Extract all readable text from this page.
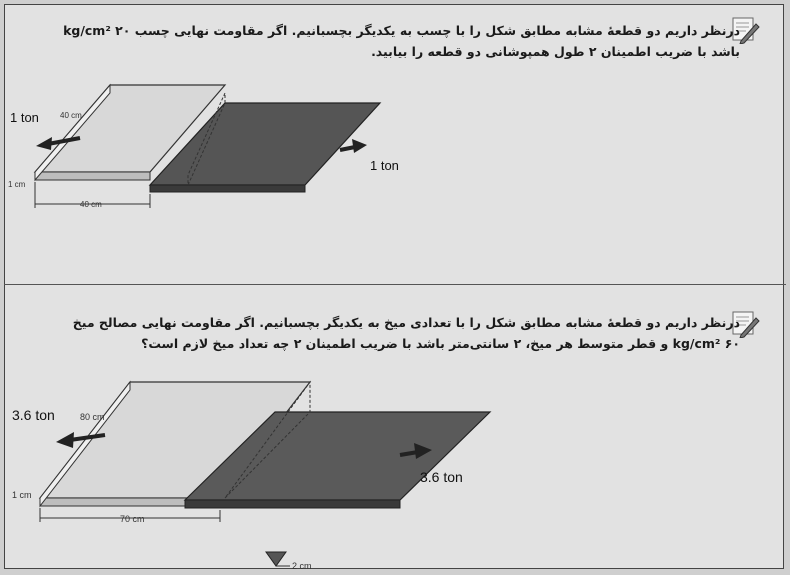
درنظر داریم دو قطعهٔ مشابه مطابق شکل را با چسب به یکدیگر بچسبانیم. اگر مقاومت نهایی چسب ۲۰ kg/cm²
باشد با ضریب اطمینان ۲ طول همپوشانی دو قطعه را بیابید.
1 ton
1 ton
40 cm
1 cm
40 cm
درنظر داریم دو قطعهٔ مشابه مطابق شکل را با تعدادی میخ به یکدیگر بچسبانیم. اگر مقاومت نهایی مصالح میخ
۶۰ kg/cm² و قطر متوسط هر میخ، ۲ سانتی‌متر باشد با ضریب اطمینان ۲ چه تعداد میخ لازم است؟
3.6 ton
3.6 ton
80 cm
1 cm
70 cm
2 cm
